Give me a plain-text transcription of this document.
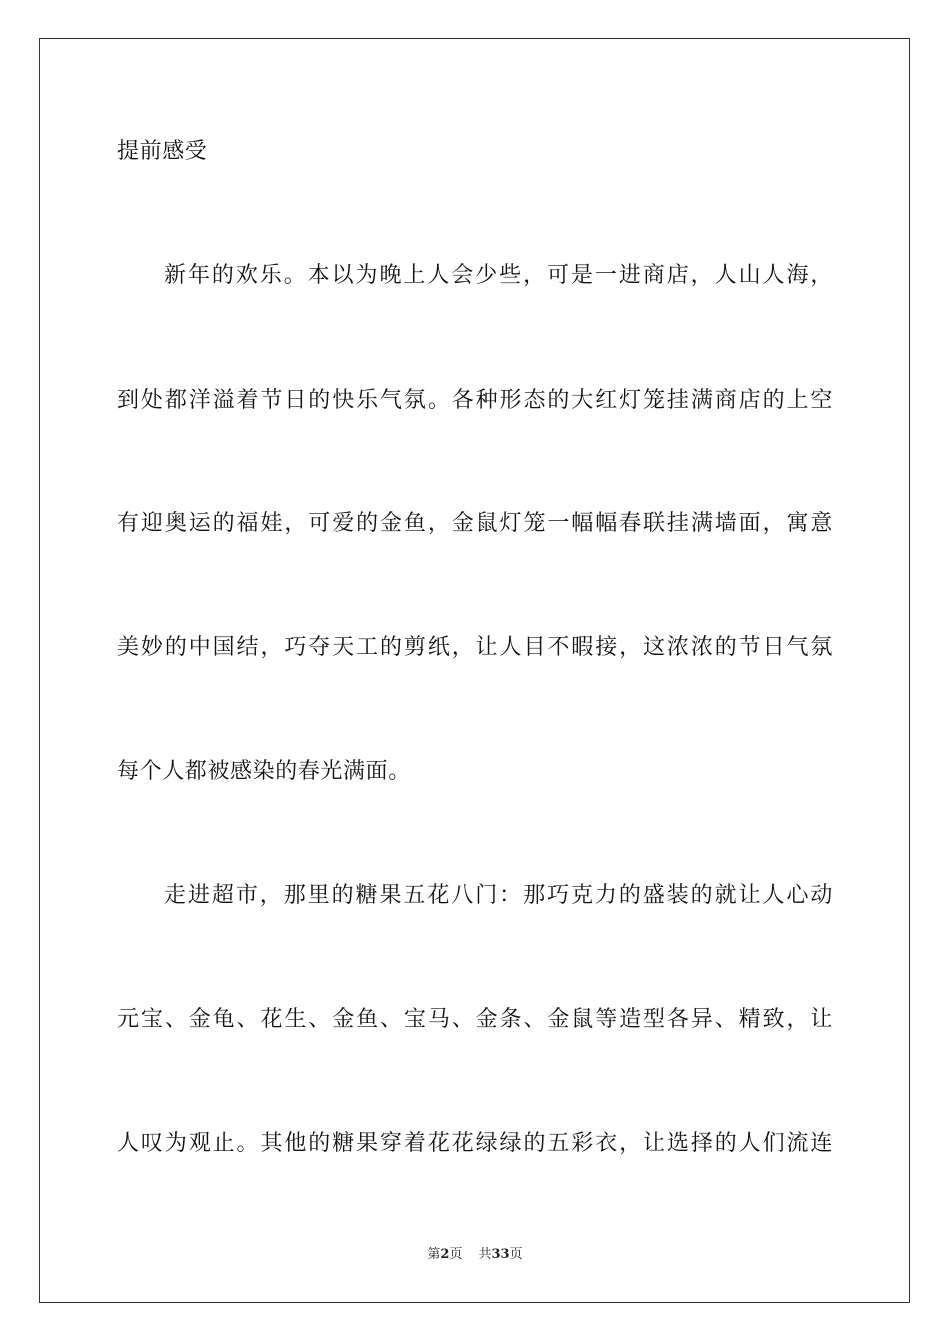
提前感受
新年的欢乐。本以为晚上人会少些，可是一进商店，人山人海，
到处都洋溢着节日的快乐气氛。各种形态的大红灯笼挂满商店的上空
有迎奥运的福娃，可爱的金鱼，金鼠灯笼一幅幅春联挂满墙面，寓意
美妙的中国结，巧夺天工的剪纸，让人目不暇接，这浓浓的节日气氛
每个人都被感染的春光满面。
走进超市，那里的糖果五花八门：那巧克力的盛装的就让人心动
元宝、金龟、花生、金鱼、宝马、金条、金鼠等造型各异、精致，让
人叹为观止。其他的糖果穿着花花绿绿的五彩衣，让选择的人们流连
第2页 共33页
